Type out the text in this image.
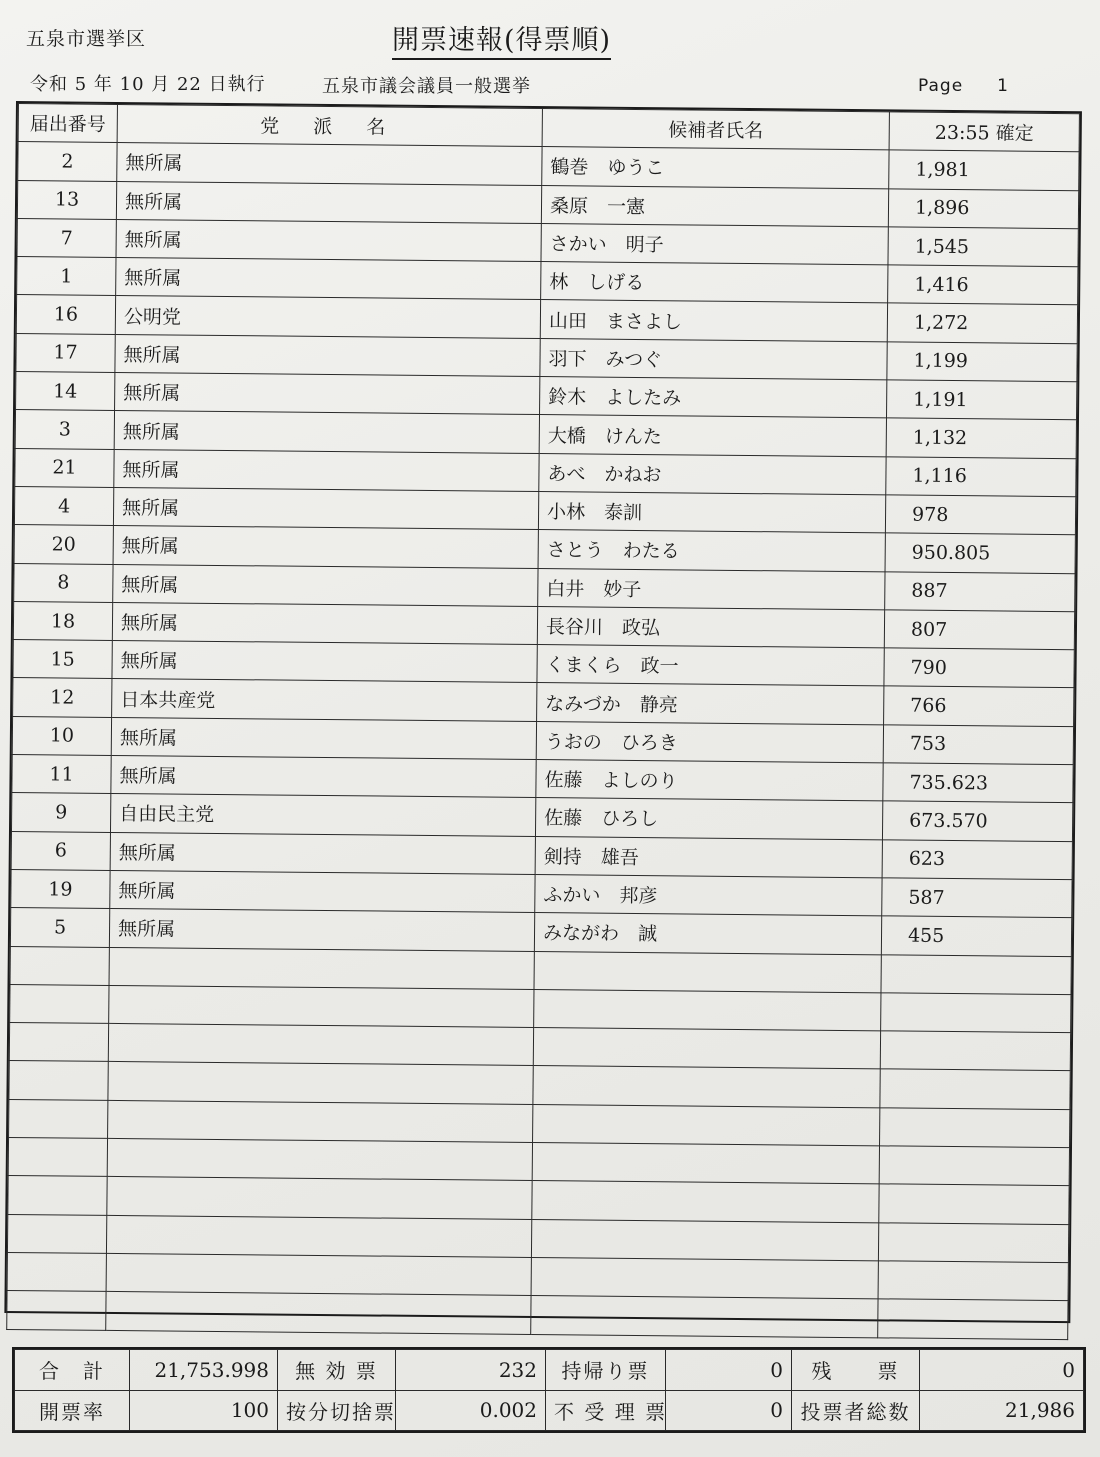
五泉市選挙区	開票速報(得票順)
令和 5 年 10 月 22 日執行	五泉市議会議員一般選挙	Page 1
届出番号	党 派 名	候補者氏名	23:55 確定
2	無所属	鶴巻　ゆうこ	1,981
13	無所属	桑原　一憲	1,896
7	無所属	さかい　明子	1,545
1	無所属	林　しげる	1,416
16	公明党	山田　まさよし	1,272
17	無所属	羽下　みつぐ	1,199
14	無所属	鈴木　よしたみ	1,191
3	無所属	大橋　けんた	1,132
21	無所属	あべ　かねお	1,116
4	無所属	小林　泰訓	978
20	無所属	さとう　わたる	950.805
8	無所属	白井　妙子	887
18	無所属	長谷川　政弘	807
15	無所属	くまくら　政一	790
12	日本共産党	なみづか　静亮	766
10	無所属	うおの　ひろき	753
11	無所属	佐藤　よしのり	735.623
9	自由民主党	佐藤　ひろし	673.570
6	無所属	剣持　雄吾	623
19	無所属	ふかい　邦彦	587
5	無所属	みながわ　誠	455

合　計	21,753.998	無 効 票	232	持帰り票	0	残　　票	0
開票率	100	按分切捨票	0.002	不 受 理 票	0	投票者総数	21,986
